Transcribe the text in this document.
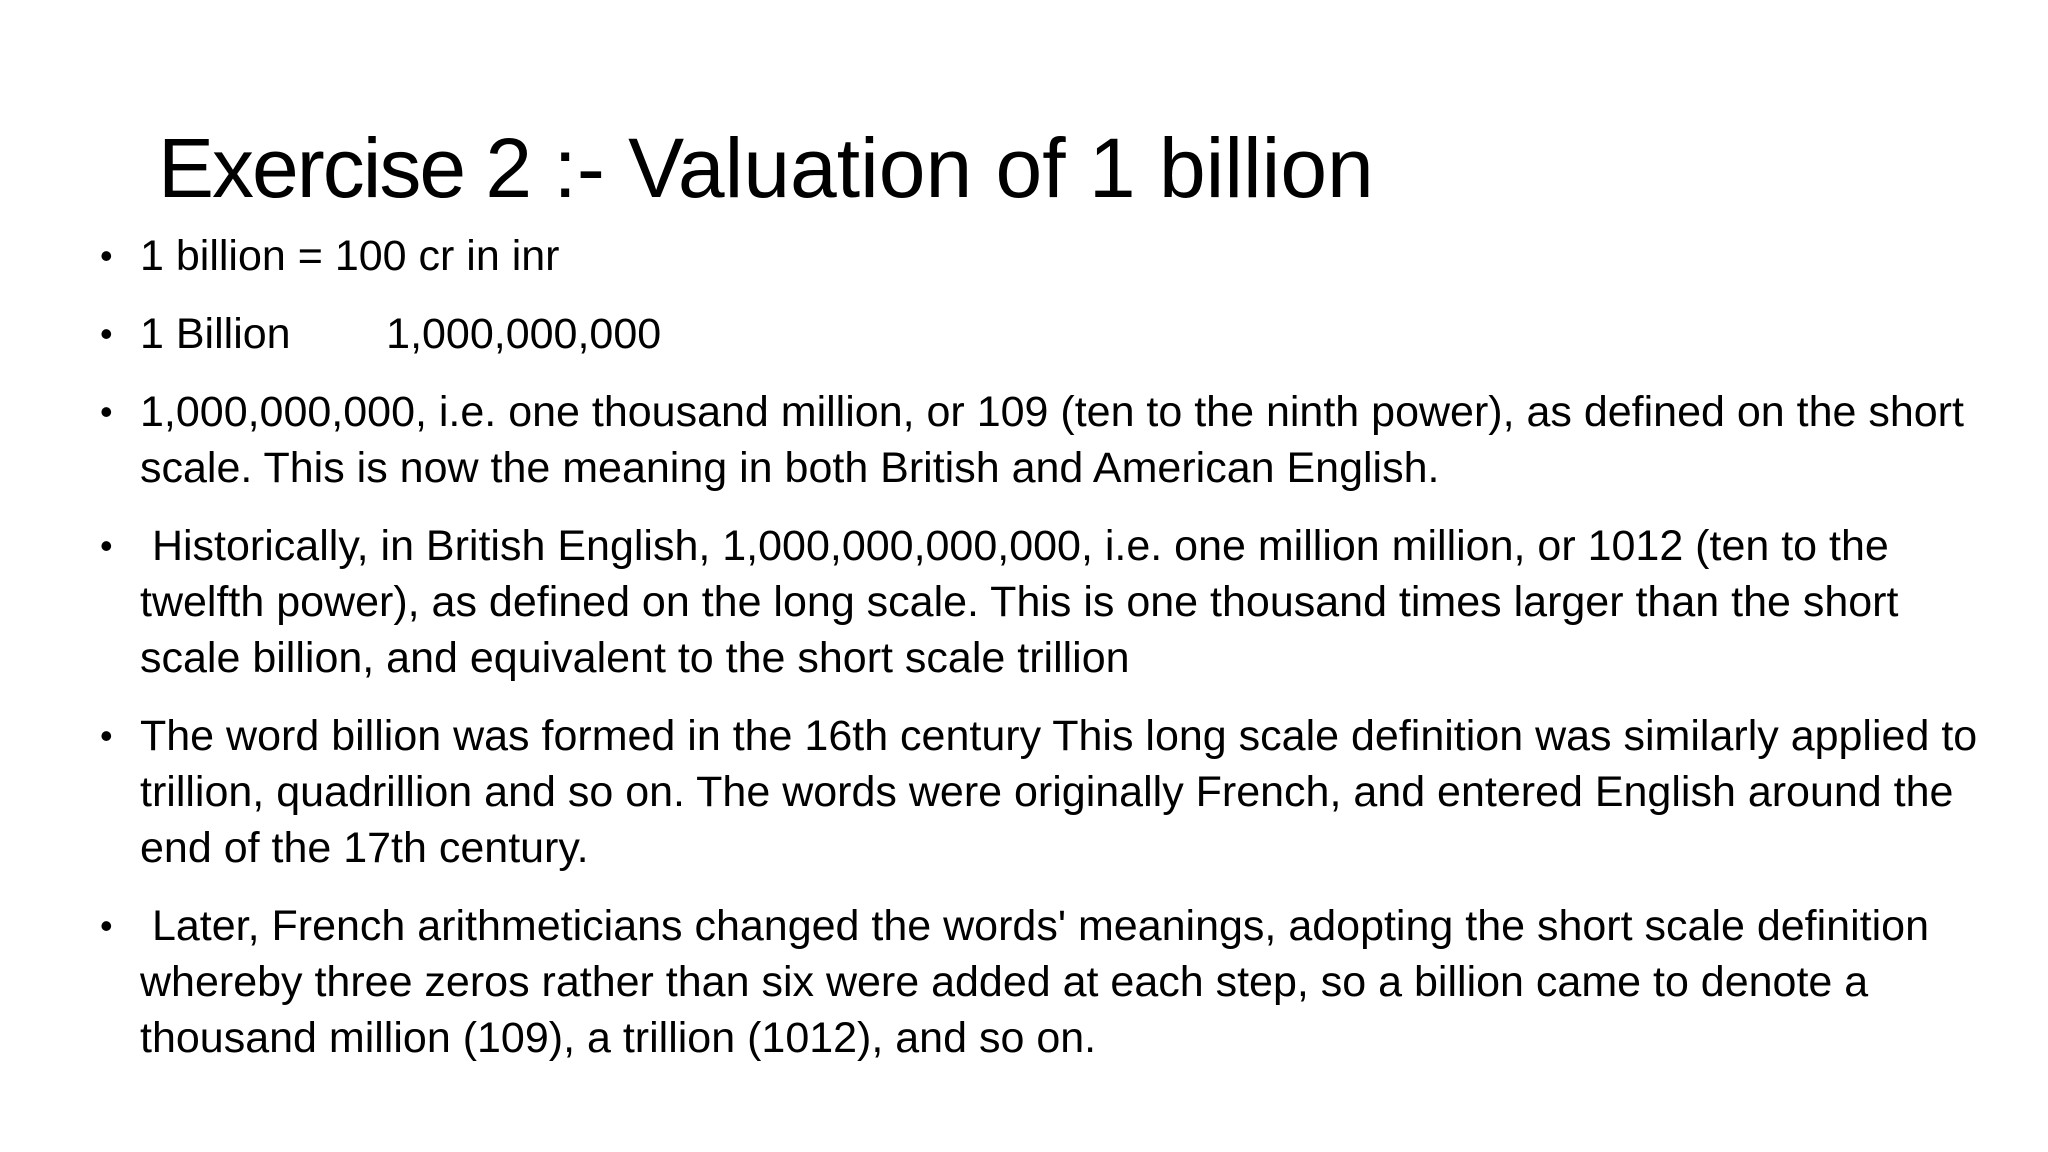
Exercise 2 :- Valuation of 1 billion
• 1 billion = 100 cr in inr
• 1 Billion        1,000,000,000
• 1,000,000,000, i.e. one thousand million, or 109 (ten to the ninth power), as defined on the short scale. This is now the meaning in both British and American English.
• Historically, in British English, 1,000,000,000,000, i.e. one million million, or 1012 (ten to the twelfth power), as defined on the long scale. This is one thousand times larger than the short scale billion, and equivalent to the short scale trillion
• The word billion was formed in the 16th century This long scale definition was similarly applied to trillion, quadrillion and so on. The words were originally French, and entered English around the end of the 17th century.
• Later, French arithmeticians changed the words' meanings, adopting the short scale definition whereby three zeros rather than six were added at each step, so a billion came to denote a thousand million (109), a trillion (1012), and so on.
